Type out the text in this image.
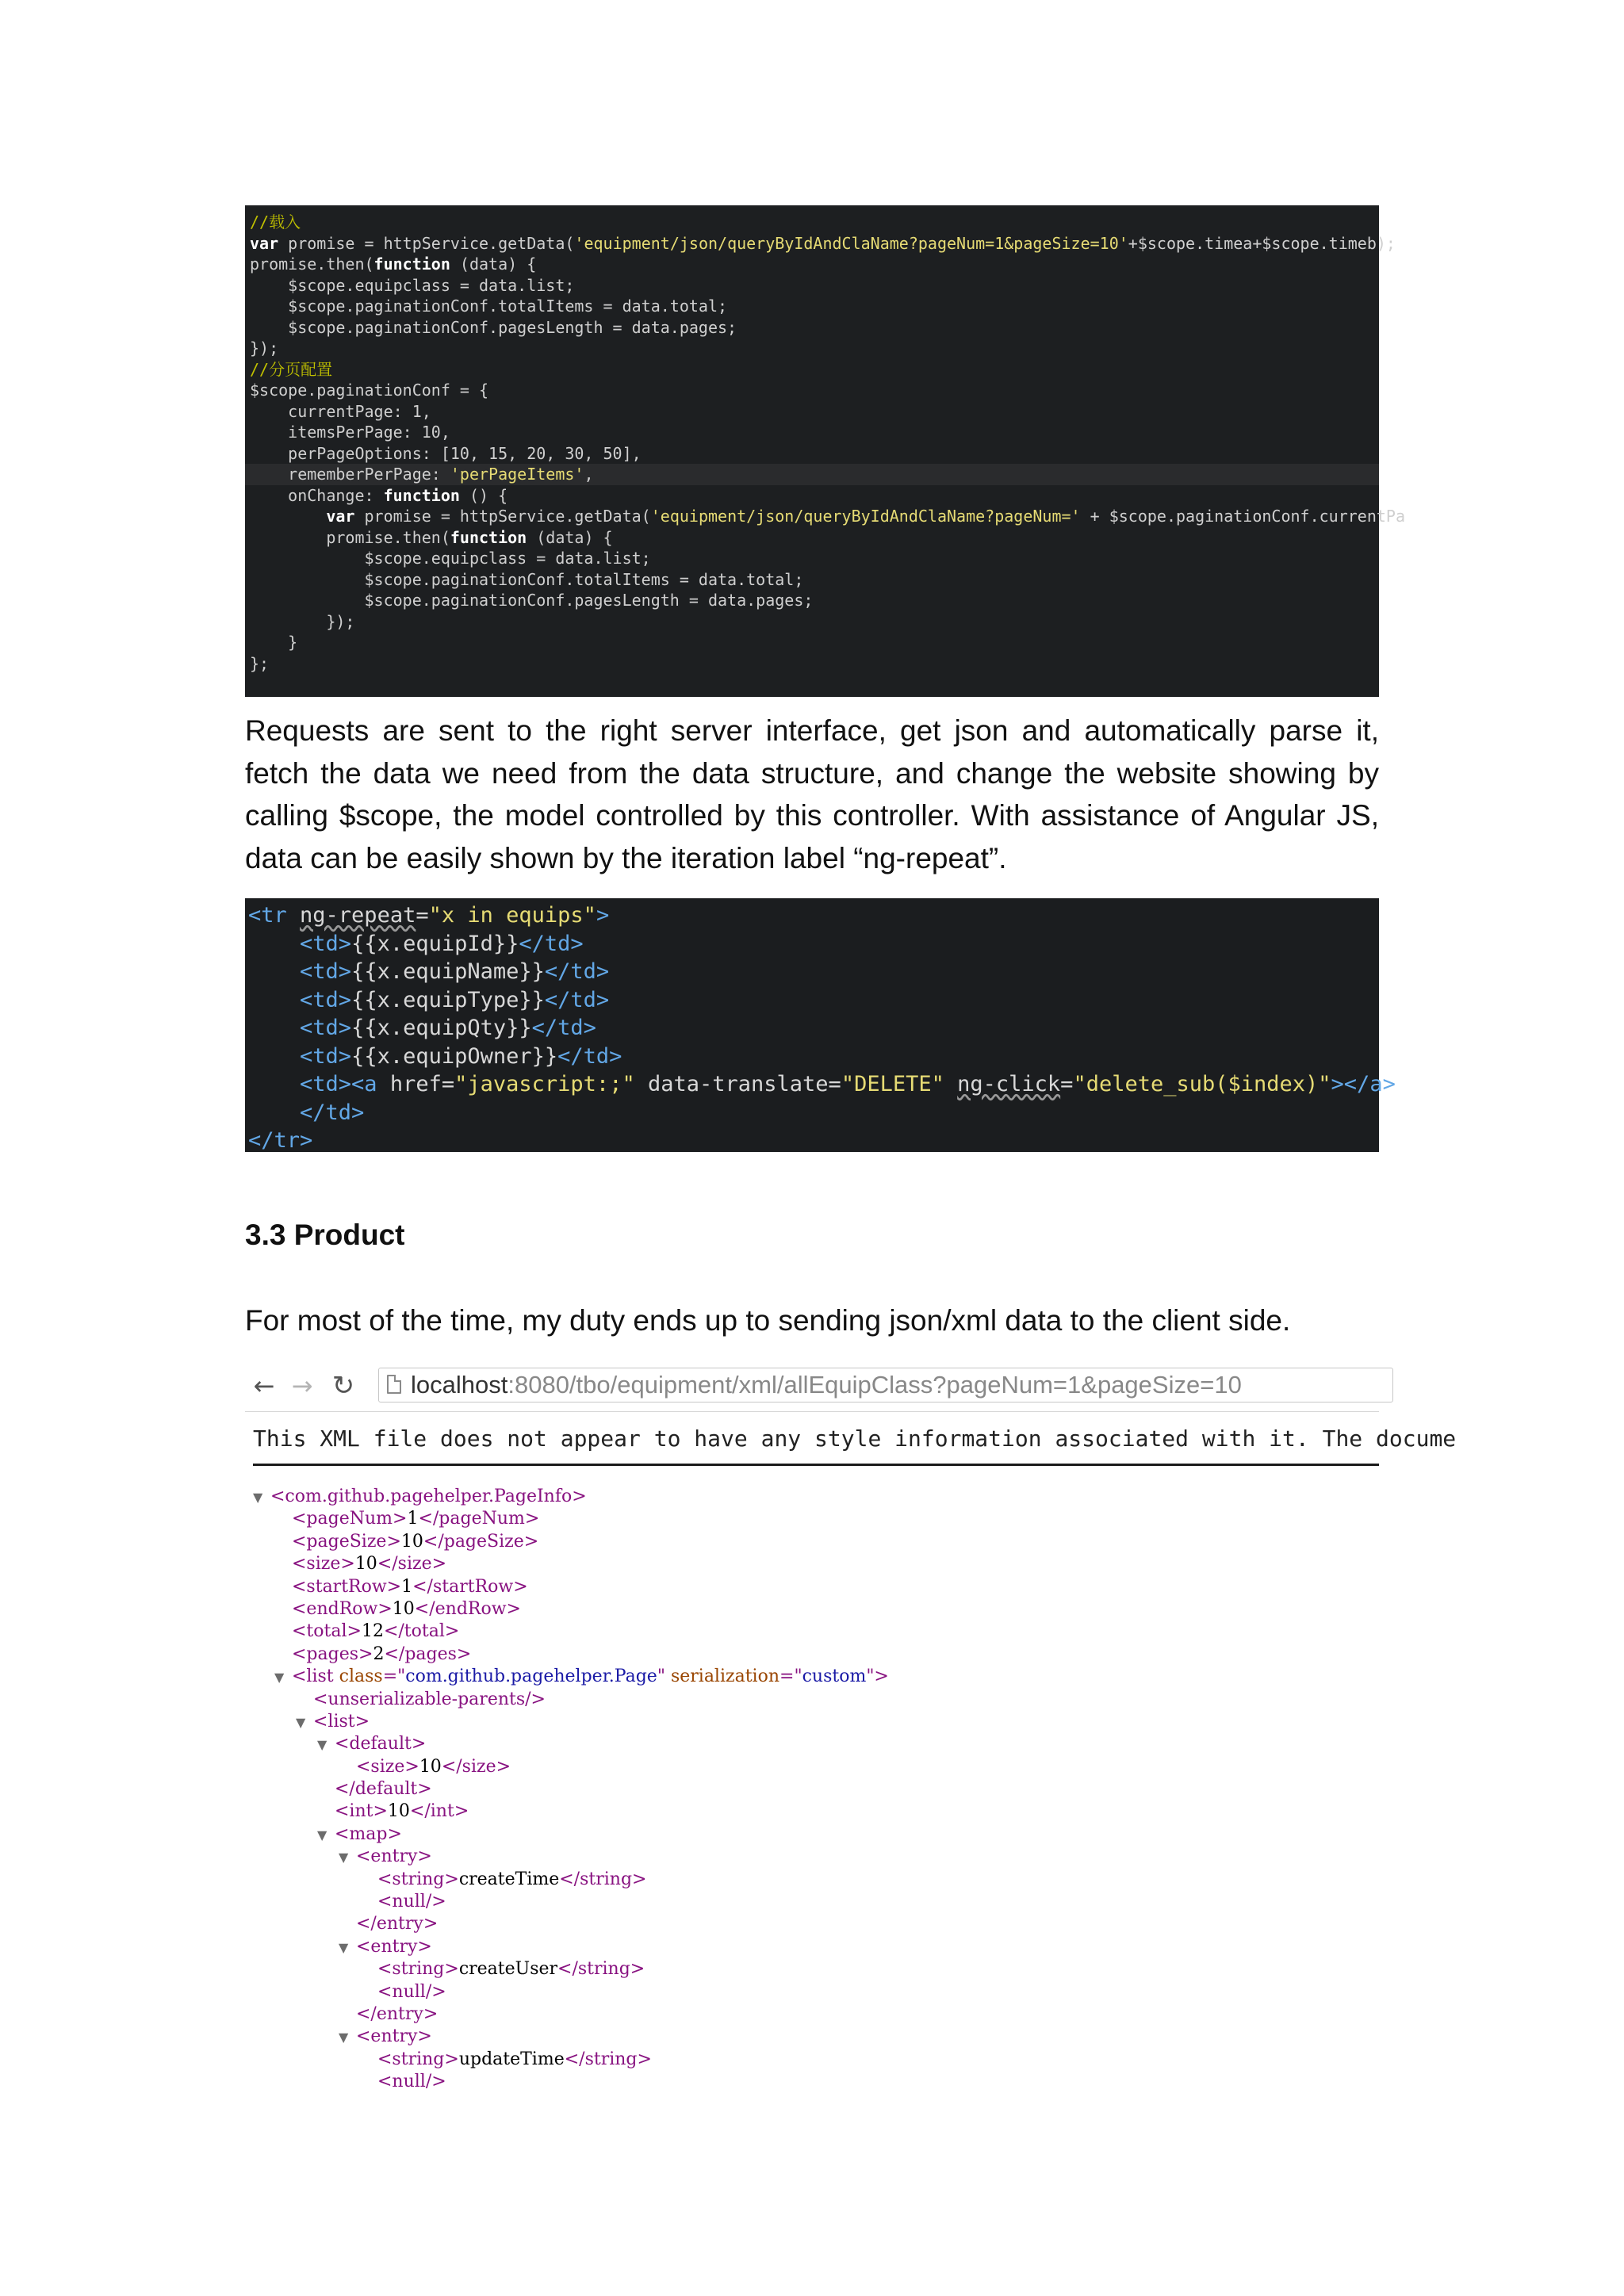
//载入
var promise = httpService.getData('equipment/json/queryByIdAndClaName?pageNum=1&pageSize=10'+$scope.timea+$scope.timeb);
promise.then(function (data) {
$scope.equipclass = data.list;
$scope.paginationConf.totalItems = data.total;
$scope.paginationConf.pagesLength = data.pages;
});
//分页配置
$scope.paginationConf = {
currentPage: 1,
itemsPerPage: 10,
perPageOptions: [10, 15, 20, 30, 50],
rememberPerPage: 'perPageItems',
onChange: function () {
var promise = httpService.getData('equipment/json/queryByIdAndClaName?pageNum=' + $scope.paginationConf.currentPa
promise.then(function (data) {
$scope.equipclass = data.list;
$scope.paginationConf.totalItems = data.total;
$scope.paginationConf.pagesLength = data.pages;
});
}
};
Requests are sent to the right server interface, get json and automatically parse it,
fetch the data we need from the data structure, and change the website showing by
calling $scope, the model controlled by this controller. With assistance of Angular JS,
data can be easily shown by the iteration label “ng-repeat”.
<tr ng-repeat="x in equips">
<td>{{x.equipId}}</td>
<td>{{x.equipName}}</td>
<td>{{x.equipType}}</td>
<td>{{x.equipQty}}</td>
<td>{{x.equipOwner}}</td>
<td><a href="javascript:;" data-translate="DELETE" ng-click="delete_sub($index)"></a>
</td>
</tr>
3.3 Product
For most of the time, my duty ends up to sending json/xml data to the client side.
← → ↻ localhost:8080/tbo/equipment/xml/allEquipClass?pageNum=1&pageSize=10
This XML file does not appear to have any style information associated with it. The docume
▼ <com.github.pagehelper.PageInfo>
<pageNum>1</pageNum>
<pageSize>10</pageSize>
<size>10</size>
<startRow>1</startRow>
<endRow>10</endRow>
<total>12</total>
<pages>2</pages>
▼ <list class="com.github.pagehelper.Page" serialization="custom">
<unserializable-parents/>
▼ <list>
▼ <default>
<size>10</size>
</default>
<int>10</int>
▼ <map>
▼ <entry>
<string>createTime</string>
<null/>
</entry>
▼ <entry>
<string>createUser</string>
<null/>
</entry>
▼ <entry>
<string>updateTime</string>
<null/>
